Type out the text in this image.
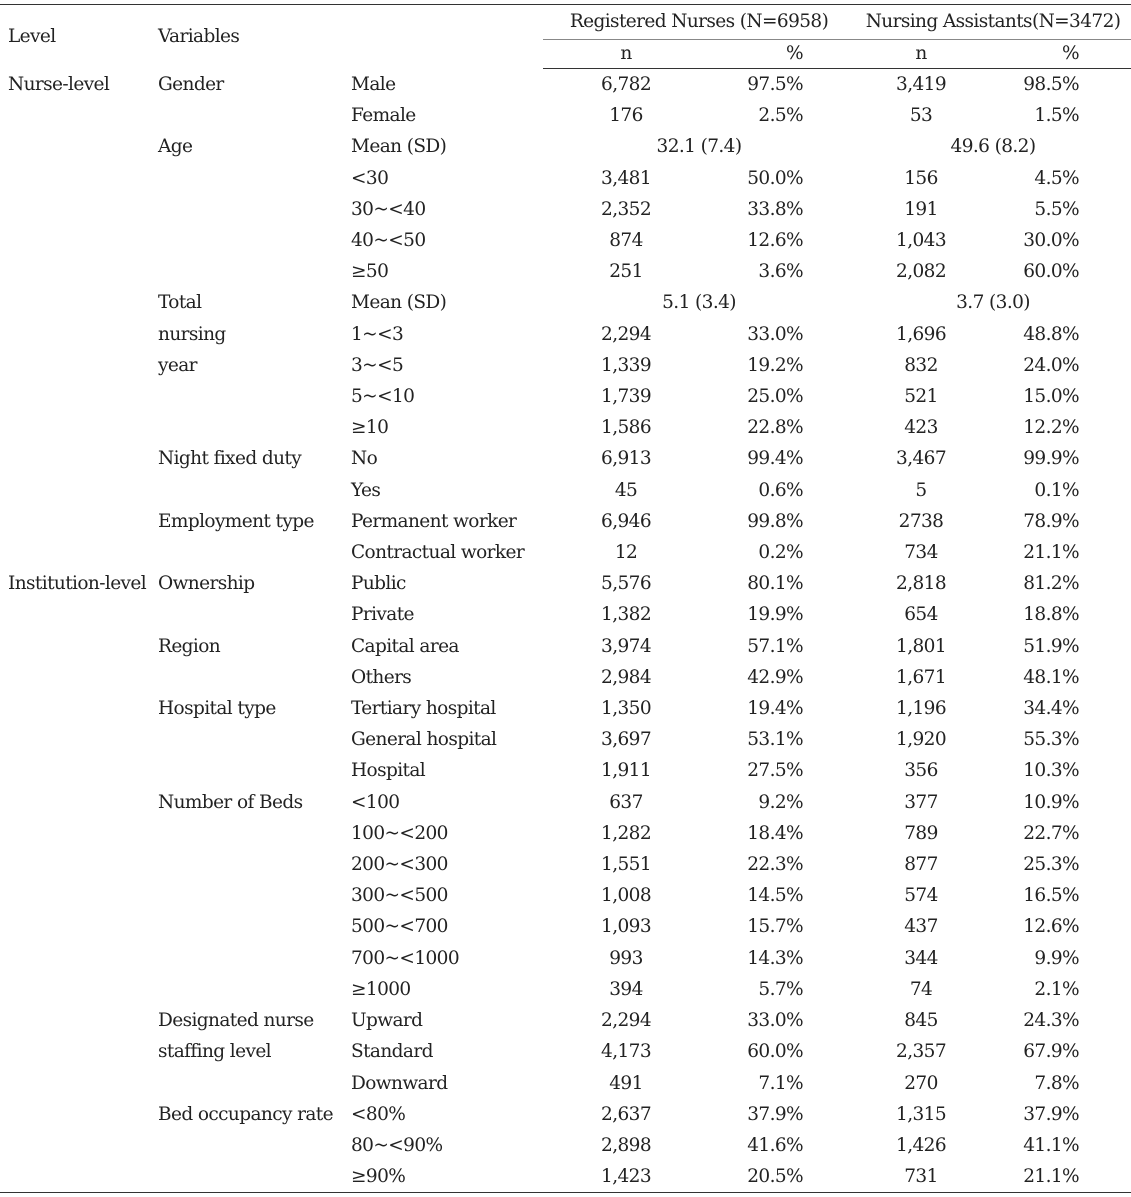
Level	Variables		Registered Nurses (N=6958)		Nursing Assistants(N=3472)	
			n	%	n	%
Nurse-level	Gender	Male	6,782	97.5%	3,419	98.5%
		Female	176	2.5%	53	1.5%
	Age	Mean (SD)	32.1 (7.4)		49.6 (8.2)	
		<30	3,481	50.0%	156	4.5%
		30~<40	2,352	33.8%	191	5.5%
		40~<50	874	12.6%	1,043	30.0%
		≥50	251	3.6%	2,082	60.0%
	Total	Mean (SD)	5.1 (3.4)		3.7 (3.0)	
	nursing	1~<3	2,294	33.0%	1,696	48.8%
	year	3~<5	1,339	19.2%	832	24.0%
		5~<10	1,739	25.0%	521	15.0%
		≥10	1,586	22.8%	423	12.2%
	Night fixed duty	No	6,913	99.4%	3,467	99.9%
		Yes	45	0.6%	5	0.1%
	Employment type	Permanent worker	6,946	99.8%	2738	78.9%
		Contractual worker	12	0.2%	734	21.1%
Institution-level	Ownership	Public	5,576	80.1%	2,818	81.2%
		Private	1,382	19.9%	654	18.8%
	Region	Capital area	3,974	57.1%	1,801	51.9%
		Others	2,984	42.9%	1,671	48.1%
	Hospital type	Tertiary hospital	1,350	19.4%	1,196	34.4%
		General hospital	3,697	53.1%	1,920	55.3%
		Hospital	1,911	27.5%	356	10.3%
	Number of Beds	<100	637	9.2%	377	10.9%
		100~<200	1,282	18.4%	789	22.7%
		200~<300	1,551	22.3%	877	25.3%
		300~<500	1,008	14.5%	574	16.5%
		500~<700	1,093	15.7%	437	12.6%
		700~<1000	993	14.3%	344	9.9%
		≥1000	394	5.7%	74	2.1%
	Designated nurse	Upward	2,294	33.0%	845	24.3%
	staffing level	Standard	4,173	60.0%	2,357	67.9%
		Downward	491	7.1%	270	7.8%
	Bed occupancy rate	<80%	2,637	37.9%	1,315	37.9%
		80~<90%	2,898	41.6%	1,426	41.1%
		≥90%	1,423	20.5%	731	21.1%
